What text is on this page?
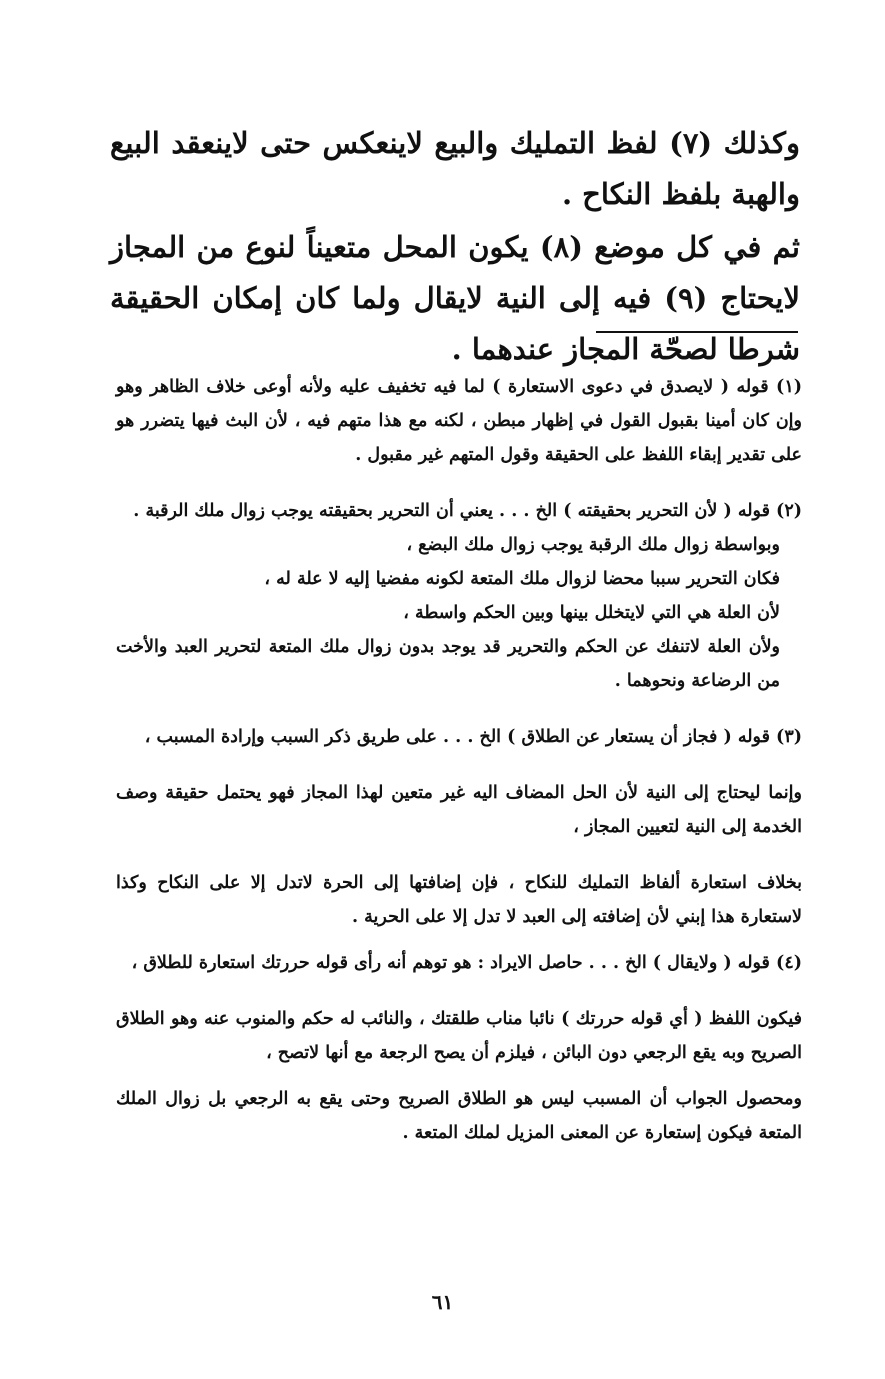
وكذلك (٧) لفظ التمليك والبيع لاينعكس حتى لاينعقد البيع والهبة بلفظ النكاح .

ثم في كل موضع (٨) يكون المحل متعيناً لنوع من المجاز لايحتاج (٩) فيه إلى النية لايقال ولما كان إمكان الحقيقة شرطا لصحّة المجاز عندهما .

(١) قوله ( لايصدق في دعوى الاستعارة ) لما فيه تخفيف عليه ولأنه أوعى خلاف الظاهر وهو وإن كان أمينا بقبول القول في إظهار مبطن ، لكنه مع هذا متهم فيه ، لأن البث فيها يتضرر هو على تقدير إبقاء اللفظ على الحقيقة وقول المتهم غير مقبول .

(٢) قوله ( لأن التحرير بحقيقته ) الخ . . . يعني أن التحرير بحقيقته يوجب زوال ملك الرقبة .

وبواسطة زوال ملك الرقبة يوجب زوال ملك البضع ،

فكان التحرير سببا محضا لزوال ملك المتعة لكونه مفضيا إليه لا علة له ،

لأن العلة هي التي لايتخلل بينها وبين الحكم واسطة ،

ولأن العلة لاتنفك عن الحكم والتحرير قد يوجد بدون زوال ملك المتعة لتحرير العبد والأخت من الرضاعة ونحوهما .

(٣) قوله ( فجاز أن يستعار عن الطلاق ) الخ . . . على طريق ذكر السبب وإرادة المسبب ،

وإنما ليحتاج إلى النية لأن الحل المضاف اليه غير متعين لهذا المجاز فهو يحتمل حقيقة وصف الخدمة إلى النية لتعيين المجاز ،

بخلاف استعارة ألفاظ التمليك للنكاح ، فإن إضافتها إلى الحرة لاتدل إلا على النكاح وكذا لاستعارة هذا إبني لأن إضافته إلى العبد لا تدل إلا على الحرية .

(٤) قوله ( ولايقال ) الخ . . . حاصل الايراد : هو توهم أنه رأى قوله حررتك استعارة للطلاق ،

فيكون اللفظ ( أي قوله حررتك ) نائبا مناب طلقتك ، والنائب له حكم والمنوب عنه وهو الطلاق الصريح وبه يقع الرجعي دون البائن ، فيلزم أن يصح الرجعة مع أنها لاتصح ،

ومحصول الجواب أن المسبب ليس هو الطلاق الصريح وحتى يقع به الرجعي بل زوال الملك المتعة فيكون إستعارة عن المعنى المزيل لملك المتعة .

٦١
